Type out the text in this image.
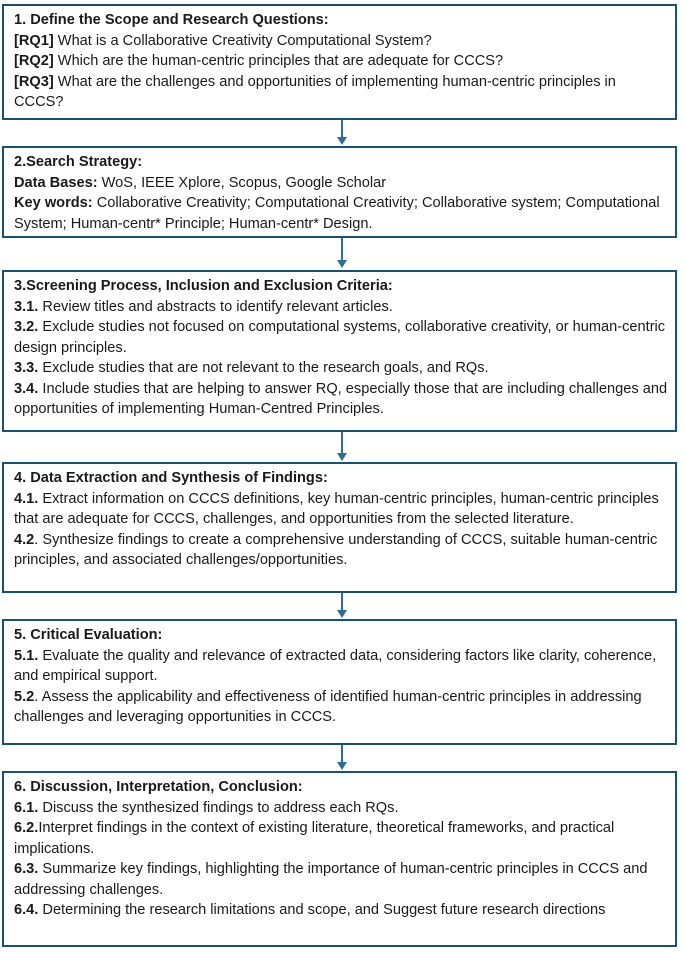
1. Define the Scope and Research Questions:
[RQ1] What is a Collaborative Creativity Computational System?
[RQ2] Which are the human-centric principles that are adequate for CCCS?
[RQ3] What are the challenges and opportunities of implementing human-centric principles in CCCS?
2.Search Strategy:
Data Bases: WoS, IEEE Xplore, Scopus, Google Scholar
Key words: Collaborative Creativity; Computational Creativity; Collaborative system; Computational System; Human-centr* Principle; Human-centr* Design.
3.Screening Process, Inclusion and Exclusion Criteria:
3.1. Review titles and abstracts to identify relevant articles.
3.2. Exclude studies not focused on computational systems, collaborative creativity, or human-centric design principles.
3.3. Exclude studies that are not relevant to the research goals, and RQs.
3.4. Include studies that are helping to answer RQ, especially those that are including challenges and opportunities of implementing Human-Centred Principles.
4. Data Extraction and Synthesis of Findings:
4.1. Extract information on CCCS definitions, key human-centric principles, human-centric principles that are adequate for CCCS, challenges, and opportunities from the selected literature.
4.2. Synthesize findings to create a comprehensive understanding of CCCS, suitable human-centric principles, and associated challenges/opportunities.
5. Critical Evaluation:
5.1. Evaluate the quality and relevance of extracted data, considering factors like clarity, coherence, and empirical support.
5.2. Assess the applicability and effectiveness of identified human-centric principles in addressing challenges and leveraging opportunities in CCCS.
6. Discussion, Interpretation, Conclusion:
6.1. Discuss the synthesized findings to address each RQs.
6.2.Interpret findings in the context of existing literature, theoretical frameworks, and practical implications.
6.3. Summarize key findings, highlighting the importance of human-centric principles in CCCS and addressing challenges.
6.4. Determining the research limitations and scope, and Suggest future research directions
